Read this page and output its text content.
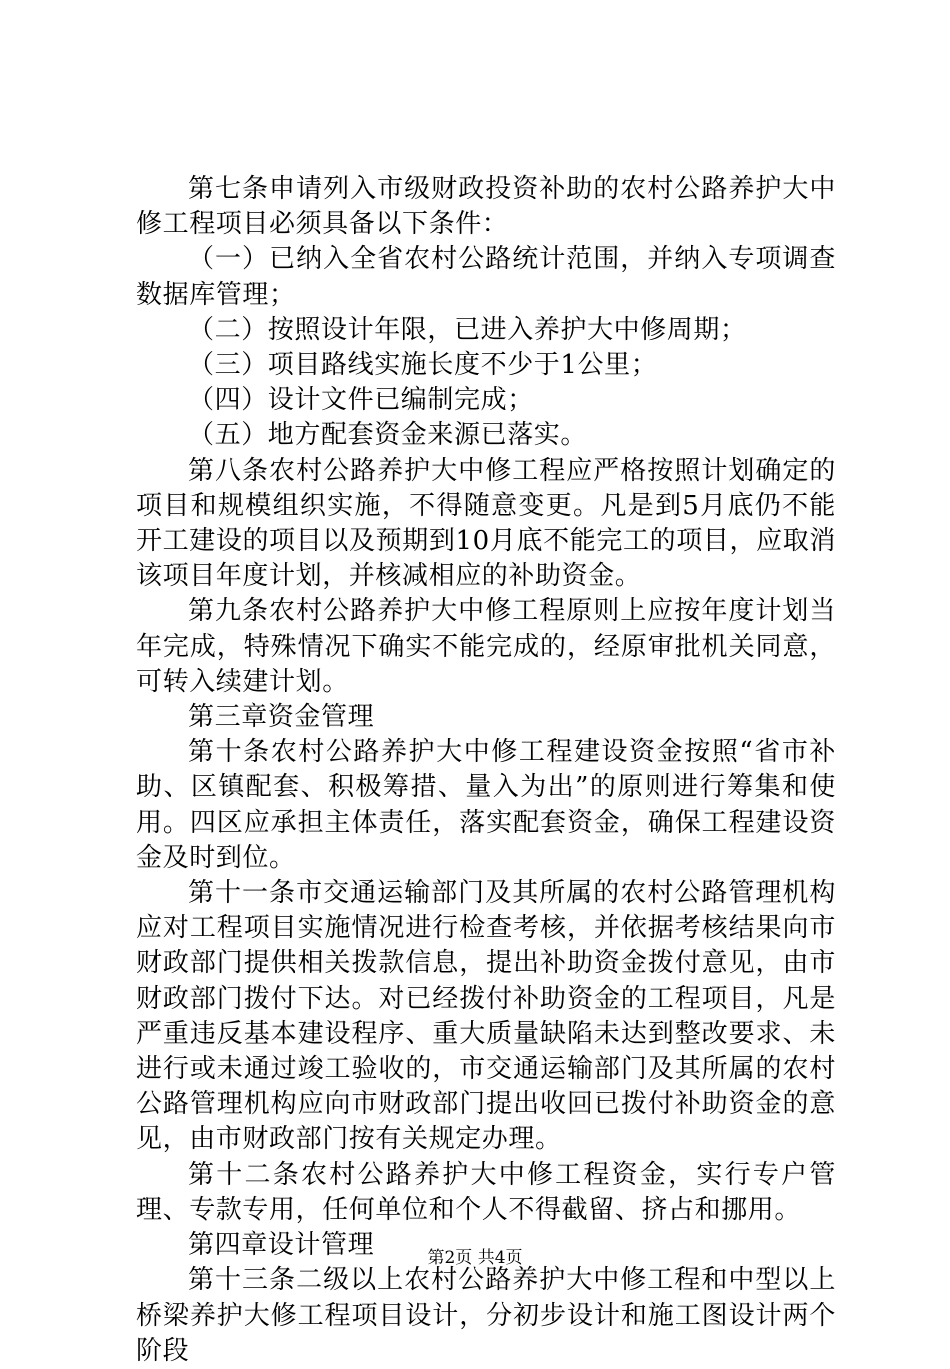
第七条申请列入市级财政投资补助的农村公路养护大中修工程项目必须具备以下条件：

（一）已纳入全省农村公路统计范围，并纳入专项调查数据库管理；

（二）按照设计年限，已进入养护大中修周期；

（三）项目路线实施长度不少于1公里；

（四）设计文件已编制完成；

（五）地方配套资金来源已落实。

第八条农村公路养护大中修工程应严格按照计划确定的项目和规模组织实施，不得随意变更。凡是到5月底仍不能开工建设的项目以及预期到10月底不能完工的项目，应取消该项目年度计划，并核减相应的补助资金。

第九条农村公路养护大中修工程原则上应按年度计划当年完成，特殊情况下确实不能完成的，经原审批机关同意，可转入续建计划。

第三章资金管理

第十条农村公路养护大中修工程建设资金按照“省市补助、区镇配套、积极筹措、量入为出”的原则进行筹集和使用。四区应承担主体责任，落实配套资金，确保工程建设资金及时到位。

第十一条市交通运输部门及其所属的农村公路管理机构应对工程项目实施情况进行检查考核，并依据考核结果向市财政部门提供相关拨款信息，提出补助资金拨付意见，由市财政部门拨付下达。对已经拨付补助资金的工程项目，凡是严重违反基本建设程序、重大质量缺陷未达到整改要求、未进行或未通过竣工验收的，市交通运输部门及其所属的农村公路管理机构应向市财政部门提出收回已拨付补助资金的意见，由市财政部门按有关规定办理。

第十二条农村公路养护大中修工程资金，实行专户管理、专款专用，任何单位和个人不得截留、挤占和挪用。

第四章设计管理

第十三条二级以上农村公路养护大中修工程和中型以上桥梁养护大修工程项目设计，分初步设计和施工图设计两个阶段

第2页 共4页
